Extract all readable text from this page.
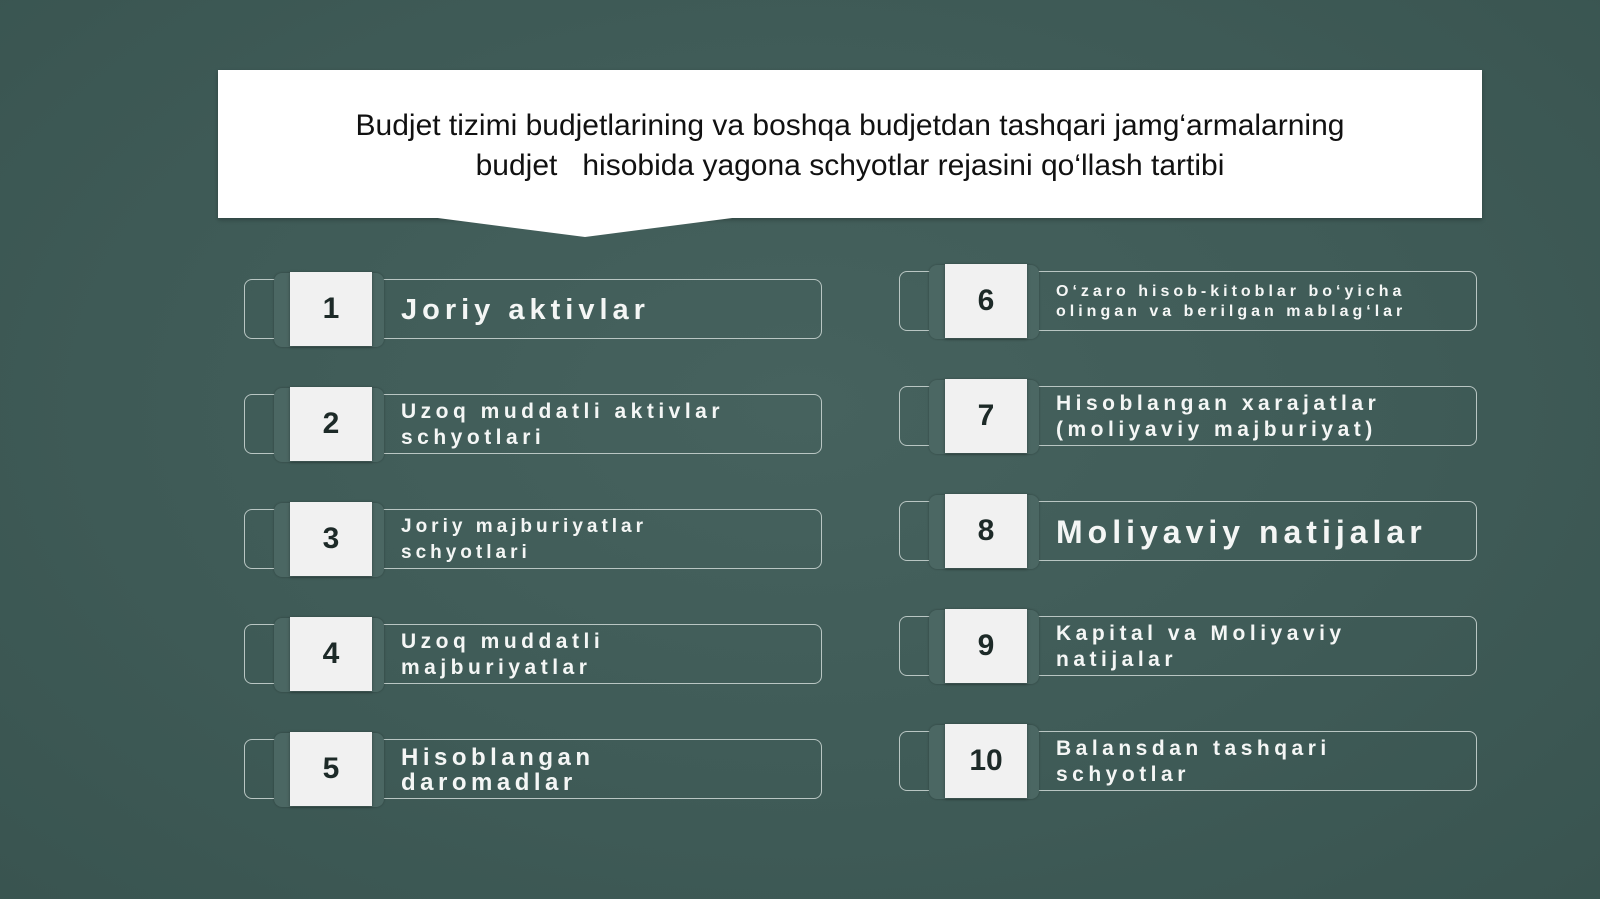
Budjet tizimi budjetlarining va boshqa budjetdan tashqari jamg‘armalarning
budjet   hisobida yagona schyotlar rejasini qo‘llash tartibi
1	Joriy aktivlar
2	Uzoq muddatli aktivlar
schyotlari
3	Joriy majburiyatlar
schyotlari
4	Uzoq muddatli
majburiyatlar
5	Hisoblangan
daromadlar
6	O‘zaro hisob-kitoblar bo‘yicha
olingan va berilgan mablag‘lar
7	Hisoblangan xarajatlar
(moliyaviy majburiyat)
8	Moliyaviy natijalar
9	Kapital va Moliyaviy
natijalar
10	Balansdan tashqari
schyotlar
